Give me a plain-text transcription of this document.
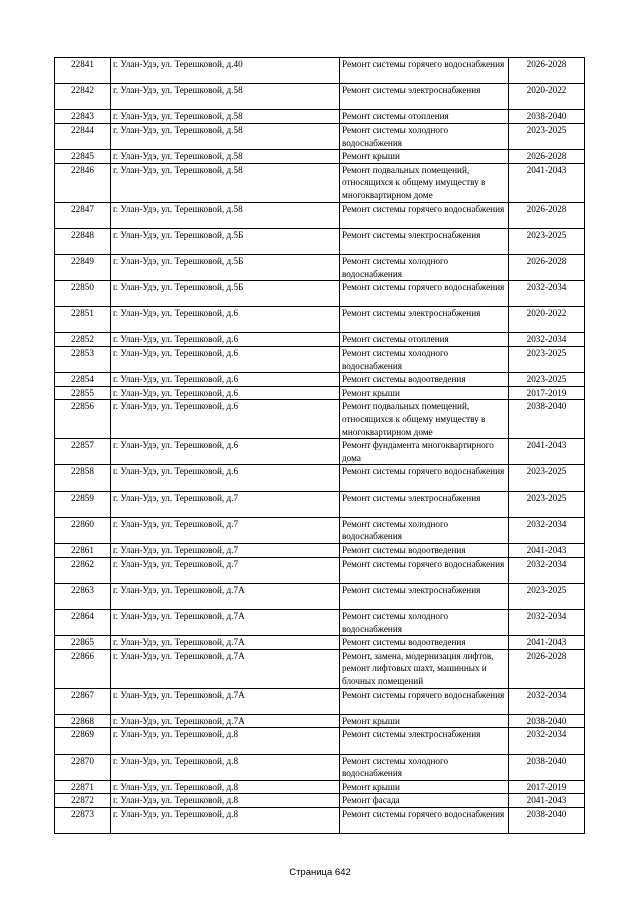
22841	г. Улан-Удэ, ул. Терешковой, д.40	Ремонт системы горячего водоснабжения	2026-2028
22842	г. Улан-Удэ, ул. Терешковой, д.58	Ремонт системы электроснабжения	2020-2022
22843	г. Улан-Удэ, ул. Терешковой, д.58	Ремонт системы отопления	2038-2040
22844	г. Улан-Удэ, ул. Терешковой, д.58	Ремонт системы холодного водоснабжения	2023-2025
22845	г. Улан-Удэ, ул. Терешковой, д.58	Ремонт крыши	2026-2028
22846	г. Улан-Удэ, ул. Терешковой, д.58	Ремонт подвальных помещений, относящихся к общему имуществу в многоквартирном доме	2041-2043
22847	г. Улан-Удэ, ул. Терешковой, д.58	Ремонт системы горячего водоснабжения	2026-2028
22848	г. Улан-Удэ, ул. Терешковой, д.5Б	Ремонт системы электроснабжения	2023-2025
22849	г. Улан-Удэ, ул. Терешковой, д.5Б	Ремонт системы холодного водоснабжения	2026-2028
22850	г. Улан-Удэ, ул. Терешковой, д.5Б	Ремонт системы горячего водоснабжения	2032-2034
22851	г. Улан-Удэ, ул. Терешковой, д.6	Ремонт системы электроснабжения	2020-2022
22852	г. Улан-Удэ, ул. Терешковой, д.6	Ремонт системы отопления	2032-2034
22853	г. Улан-Удэ, ул. Терешковой, д.6	Ремонт системы холодного водоснабжения	2023-2025
22854	г. Улан-Удэ, ул. Терешковой, д.6	Ремонт системы водоотведения	2023-2025
22855	г. Улан-Удэ, ул. Терешковой, д.6	Ремонт крыши	2017-2019
22856	г. Улан-Удэ, ул. Терешковой, д.6	Ремонт подвальных помещений, относящихся к общему имуществу в многоквартирном доме	2038-2040
22857	г. Улан-Удэ, ул. Терешковой, д.6	Ремонт фундамента многоквартирного дома	2041-2043
22858	г. Улан-Удэ, ул. Терешковой, д.6	Ремонт системы горячего водоснабжения	2023-2025
22859	г. Улан-Удэ, ул. Терешковой, д.7	Ремонт системы электроснабжения	2023-2025
22860	г. Улан-Удэ, ул. Терешковой, д.7	Ремонт системы холодного водоснабжения	2032-2034
22861	г. Улан-Удэ, ул. Терешковой, д.7	Ремонт системы водоотведения	2041-2043
22862	г. Улан-Удэ, ул. Терешковой, д.7	Ремонт системы горячего водоснабжения	2032-2034
22863	г. Улан-Удэ, ул. Терешковой, д.7А	Ремонт системы электроснабжения	2023-2025
22864	г. Улан-Удэ, ул. Терешковой, д.7А	Ремонт системы холодного водоснабжения	2032-2034
22865	г. Улан-Удэ, ул. Терешковой, д.7А	Ремонт системы водоотведения	2041-2043
22866	г. Улан-Удэ, ул. Терешковой, д.7А	Ремонт, замена, модернизация лифтов, ремонт лифтовых шахт, машинных и блочных помещений	2026-2028
22867	г. Улан-Удэ, ул. Терешковой, д.7А	Ремонт системы горячего водоснабжения	2032-2034
22868	г. Улан-Удэ, ул. Терешковой, д.7А	Ремонт крыши	2038-2040
22869	г. Улан-Удэ, ул. Терешковой, д.8	Ремонт системы электроснабжения	2032-2034
22870	г. Улан-Удэ, ул. Терешковой, д.8	Ремонт системы холодного водоснабжения	2038-2040
22871	г. Улан-Удэ, ул. Терешковой, д.8	Ремонт крыши	2017-2019
22872	г. Улан-Удэ, ул. Терешковой, д.8	Ремонт фасада	2041-2043
22873	г. Улан-Удэ, ул. Терешковой, д.8	Ремонт системы горячего водоснабжения	2038-2040
Страница 642
